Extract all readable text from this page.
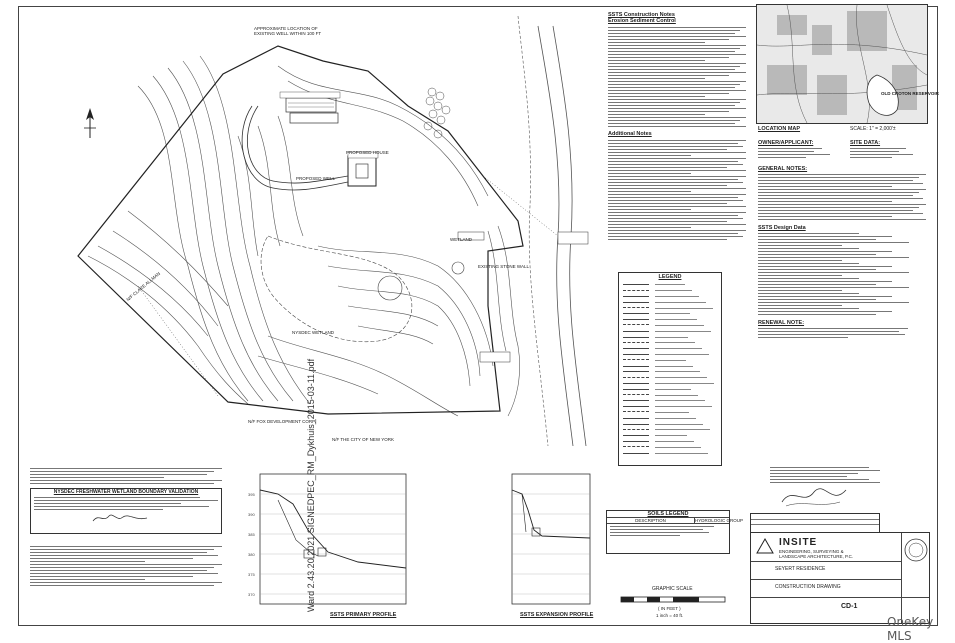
N/F CLARE ALLMAN
N/F FOX DEVELOPMENT CORP.
N/F THE CITY OF NEW YORK
APPROXIMATE LOCATION OF EXISTING WELL WITHIN 100 FT
NYSDEC WETLAND
WETLAND
PROPOSED HOUSE
PROPOSED WELL
EXISTING STONE WALL
SSTS Construction Notes
Erosion Sediment Control
Additional Notes
LEGEND
OLD CROTON RESERVOIR
LOCATION MAP	SCALE: 1" = 2,000'±
OWNER/APPLICANT:	SITE DATA:
GENERAL NOTES:
SSTS Design Data
RENEWAL NOTE:
NYSDEC FRESHWATER WETLAND BOUNDARY VALIDATION	395
390
385
380
375
370
SSTS PRIMARY PROFILE	SSTS EXPANSION PROFILE
Ward 2.43.20.2021 SIGNEDPEC_RM_Dykhuis_2015-03-11.pdf	SOILS LEGEND
DESCRIPTION	HYDROLOGIC GROUP
GRAPHIC SCALE
( IN FEET )
1 inch = 40 ft.
INSITE
ENGINEERING, SURVEYING &
LANDSCAPE ARCHITECTURE, P.C.
SEYERT RESIDENCE
CONSTRUCTION DRAWING
CD-1
OneKey MLS
